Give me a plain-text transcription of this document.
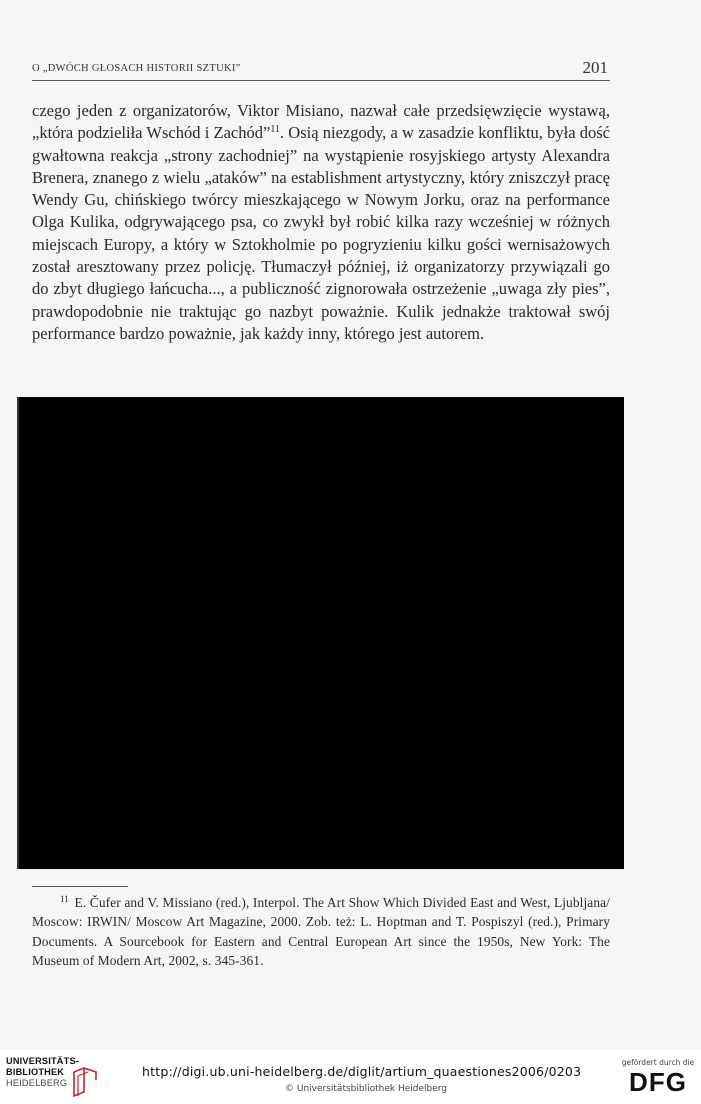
O „DWÓCH GŁOSACH HISTORII SZTUKI”	201
czego jeden z organizatorów, Viktor Misiano, nazwał całe przedsięwzięcie wystawą, „która podzieliła Wschód i Zachód”$^{11}$. Osią niezgody, a w zasadzie konfliktu, była dość gwałtowna reakcja „strony zachodniej” na wystąpienie rosyjskiego artysty Alexandra Brenera, znanego z wielu „ataków” na establishment artystyczny, który zniszczył pracę Wendy Gu, chińskiego twórcy mieszkającego w Nowym Jorku, oraz na performance Olga Kulika, odgrywającego psa, co zwykł był robić kilka razy wcześniej w różnych miejscach Europy, a który w Sztokholmie po pogryzieniu kilku gości wernisażowych został aresztowany przez policję. Tłumaczył później, iż organizatorzy przywiązali go do zbyt długiego łańcucha..., a publiczność zignorowała ostrzeżenie „uwaga zły pies”, prawdopodobnie nie traktując go nazbyt poważnie. Kulik jednakże traktował swój performance bardzo poważnie, jak każdy inny, którego jest autorem.
$^{11}$ E. Čufer and V. Missiano (red.), Interpol. The Art Show Which Divided East and West, Ljubljana/ Moscow: IRWIN/ Moscow Art Magazine, 2000. Zob. też: L. Hoptman and T. Pospiszyl (red.), Primary Documents. A Sourcebook for Eastern and Central European Art since the 1950s, New York: The Museum of Modern Art, 2002, s. 345-361.
UNIVERSITÄTS-
BIBLIOTHEK
HEIDELBERG
http://digi.ub.uni-heidelberg.de/diglit/artium_quaestiones2006/0203
© Universitätsbibliothek Heidelberg
gefördert durch die
DFG
